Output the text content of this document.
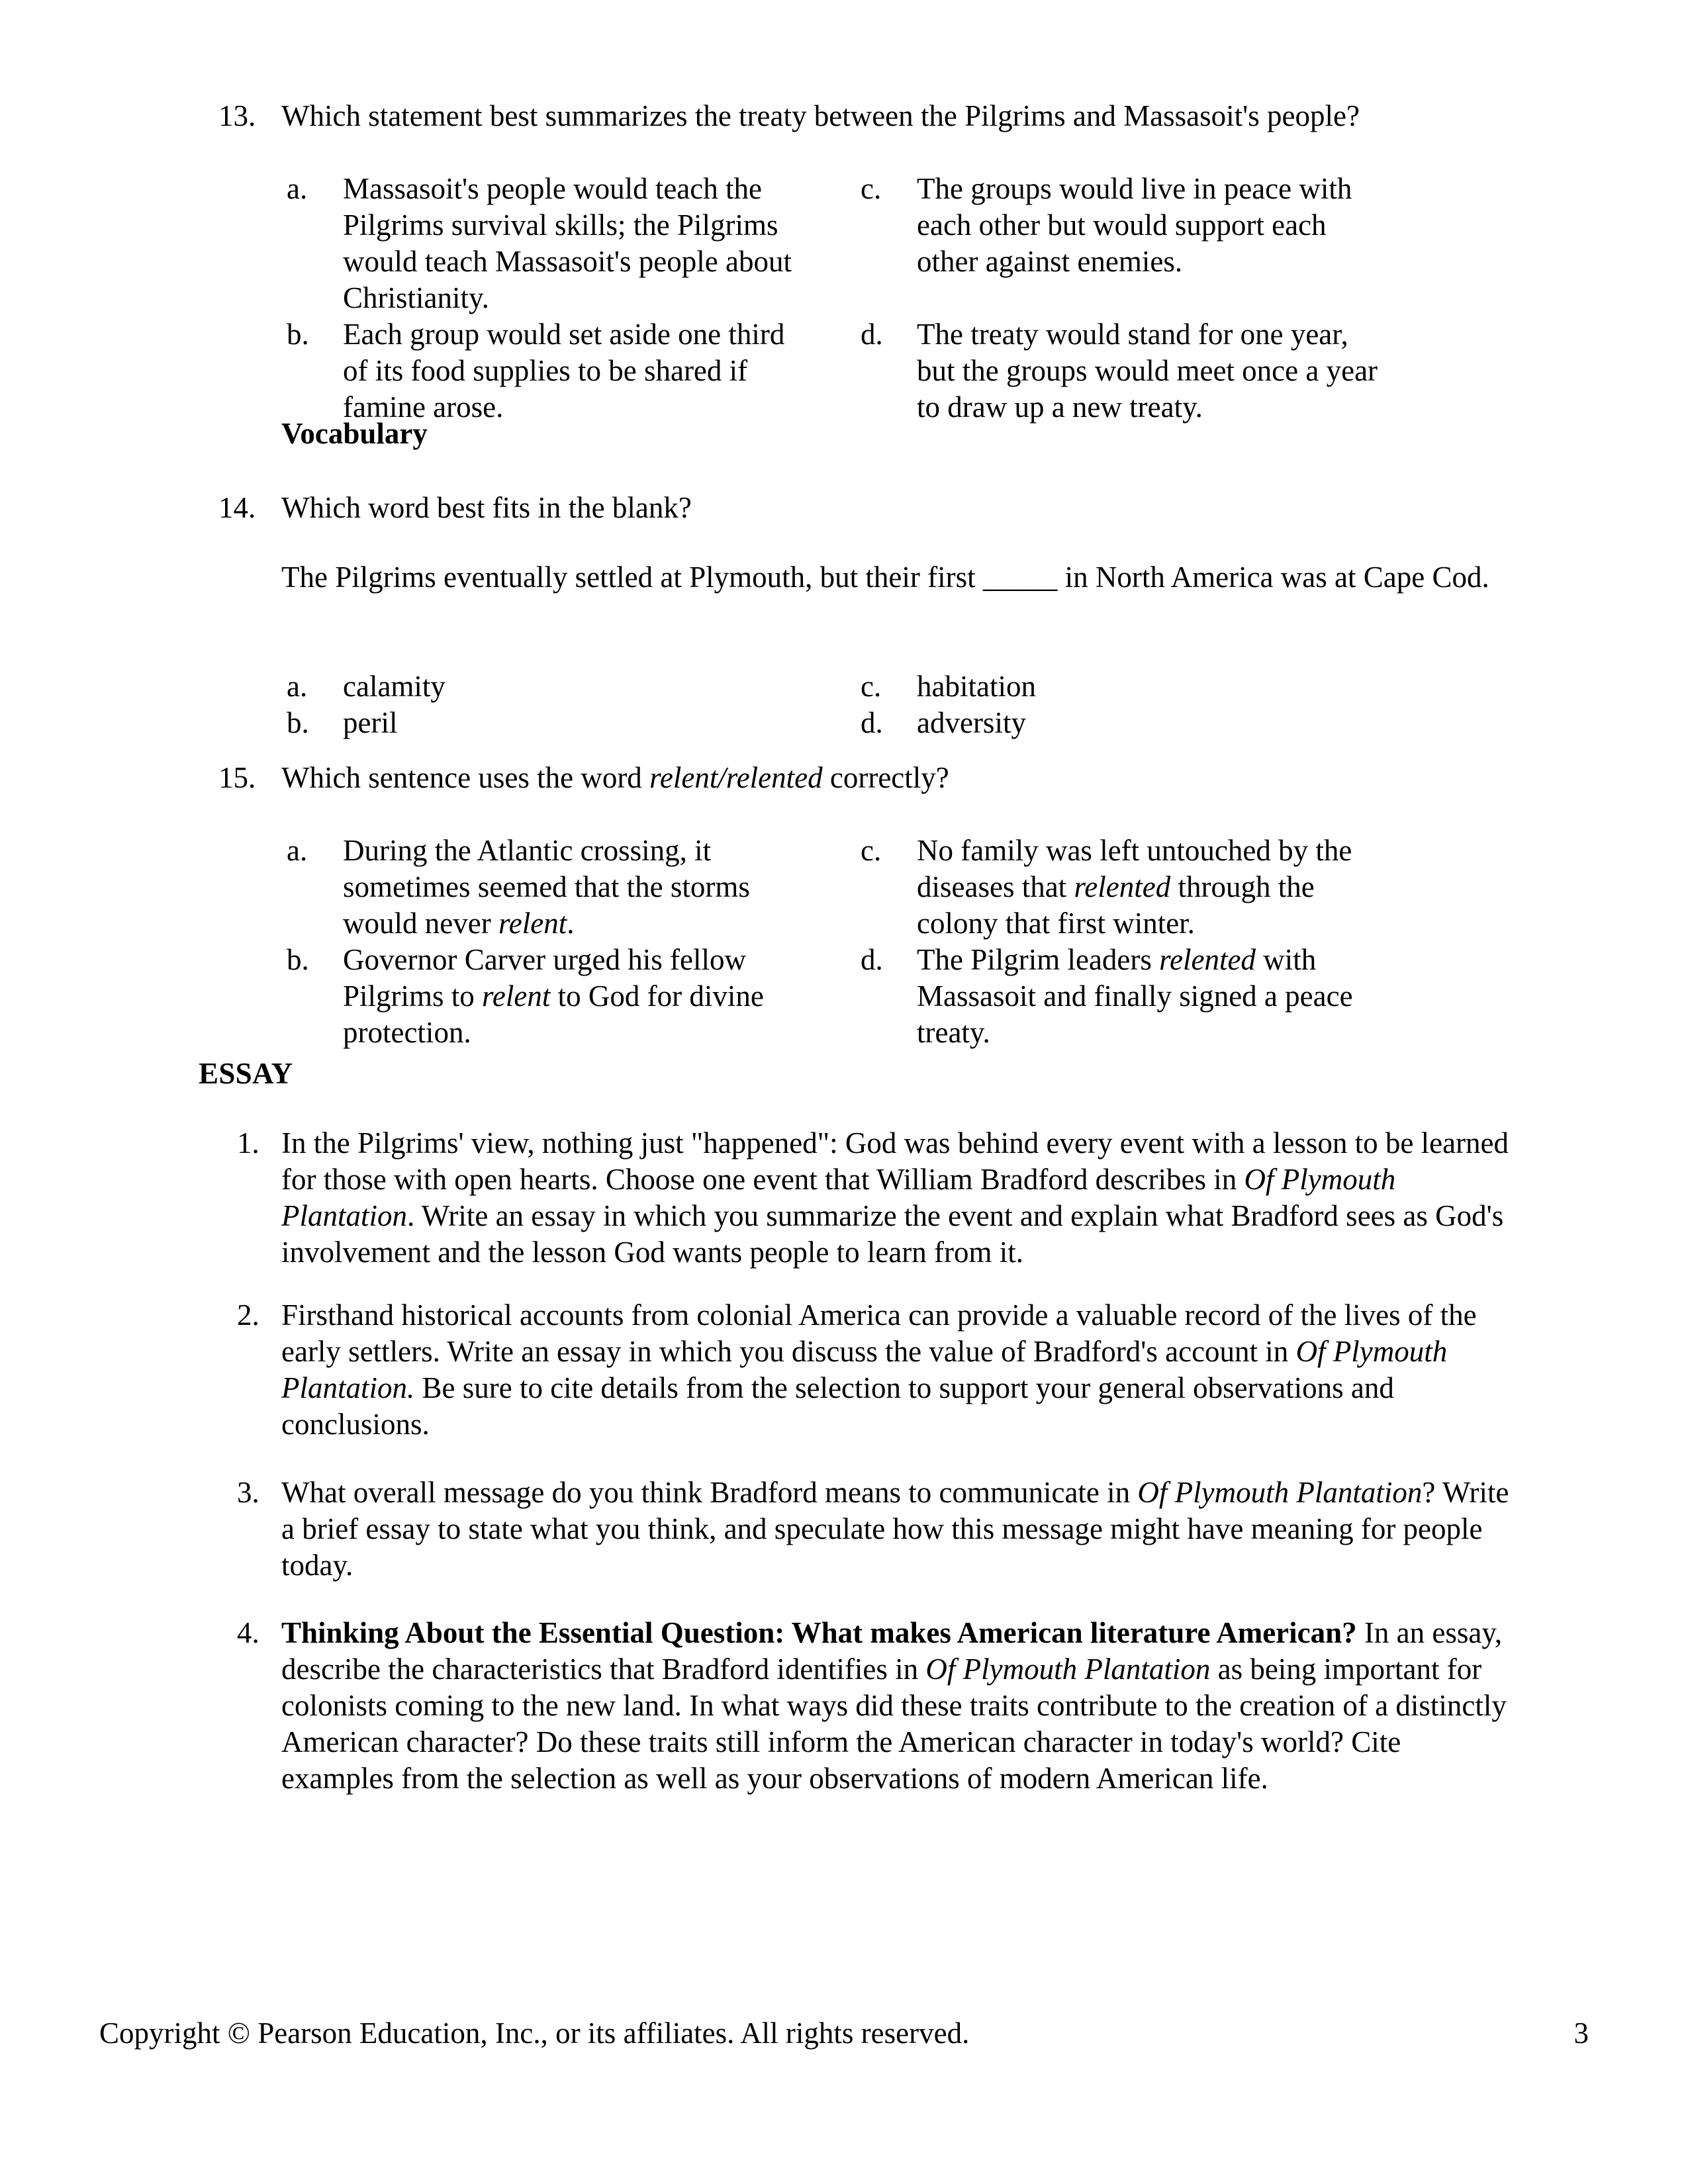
13. Which statement best summarizes the treaty between the Pilgrims and Massasoit's people?
a.	Massasoit's people would teach the Pilgrims survival skills; the Pilgrims would teach Massasoit's people about Christianity.
b.	Each group would set aside one third of its food supplies to be shared if famine arose.
c.	The groups would live in peace with each other but would support each other against enemies.
d.	The treaty would stand for one year, but the groups would meet once a year to draw up a new treaty.
Vocabulary
14. Which word best fits in the blank?
The Pilgrims eventually settled at Plymouth, but their first _____ in North America was at Cape Cod.
a. calamity
b. peril
c. habitation
d. adversity
15. Which sentence uses the word relent/relented correctly?
a.	During the Atlantic crossing, it sometimes seemed that the storms would never relent.
b.	Governor Carver urged his fellow Pilgrims to relent to God for divine protection.
c.	No family was left untouched by the diseases that relented through the colony that first winter.
d.	The Pilgrim leaders relented with Massasoit and finally signed a peace treaty.
ESSAY
1. In the Pilgrims' view, nothing just "happened": God was behind every event with a lesson to be learned for those with open hearts. Choose one event that William Bradford describes in Of Plymouth Plantation. Write an essay in which you summarize the event and explain what Bradford sees as God's involvement and the lesson God wants people to learn from it.
2. Firsthand historical accounts from colonial America can provide a valuable record of the lives of the early settlers. Write an essay in which you discuss the value of Bradford's account in Of Plymouth Plantation. Be sure to cite details from the selection to support your general observations and conclusions.
3. What overall message do you think Bradford means to communicate in Of Plymouth Plantation? Write a brief essay to state what you think, and speculate how this message might have meaning for people today.
4. Thinking About the Essential Question: What makes American literature American? In an essay, describe the characteristics that Bradford identifies in Of Plymouth Plantation as being important for colonists coming to the new land. In what ways did these traits contribute to the creation of a distinctly American character? Do these traits still inform the American character in today's world? Cite examples from the selection as well as your observations of modern American life.
Copyright © Pearson Education, Inc., or its affiliates. All rights reserved.	3
